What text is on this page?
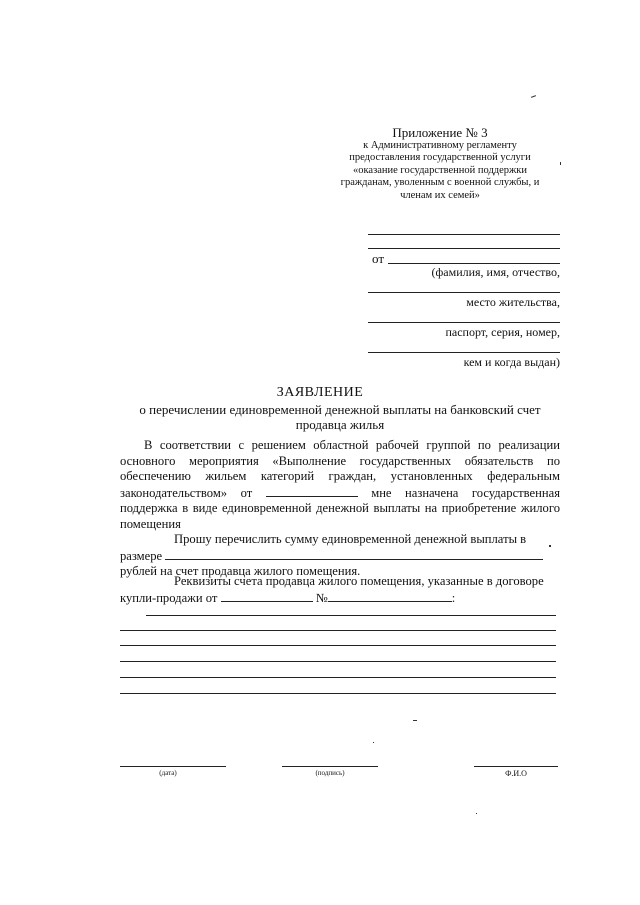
Приложение № 3
к Административному регламенту
предоставления государственной услуги
«оказание государственной поддержки
гражданам, уволенным с военной службы, и
членам их семей»
от
(фамилия, имя, отчество,
место жительства,
паспорт, серия, номер,
кем и когда выдан)
ЗАЯВЛЕНИЕ
о перечислении единовременной денежной выплаты на банковский счет
продавца жилья
В соответствии с решением областной рабочей группой по реализации основного мероприятия «Выполнение государственных обязательств по обеспечению жильем категорий граждан, установленных федеральным законодательством» от	мне назначена государственная поддержка в виде единовременной денежной выплаты на приобретение жилого помещения
Прошу перечислить сумму единовременной денежной выплаты в размере
рублей на счет продавца жилого помещения.
Реквизиты счета продавца жилого помещения, указанные в договоре купли-продажи от	№	:
(дата)	(подпись)	Ф.И.О
